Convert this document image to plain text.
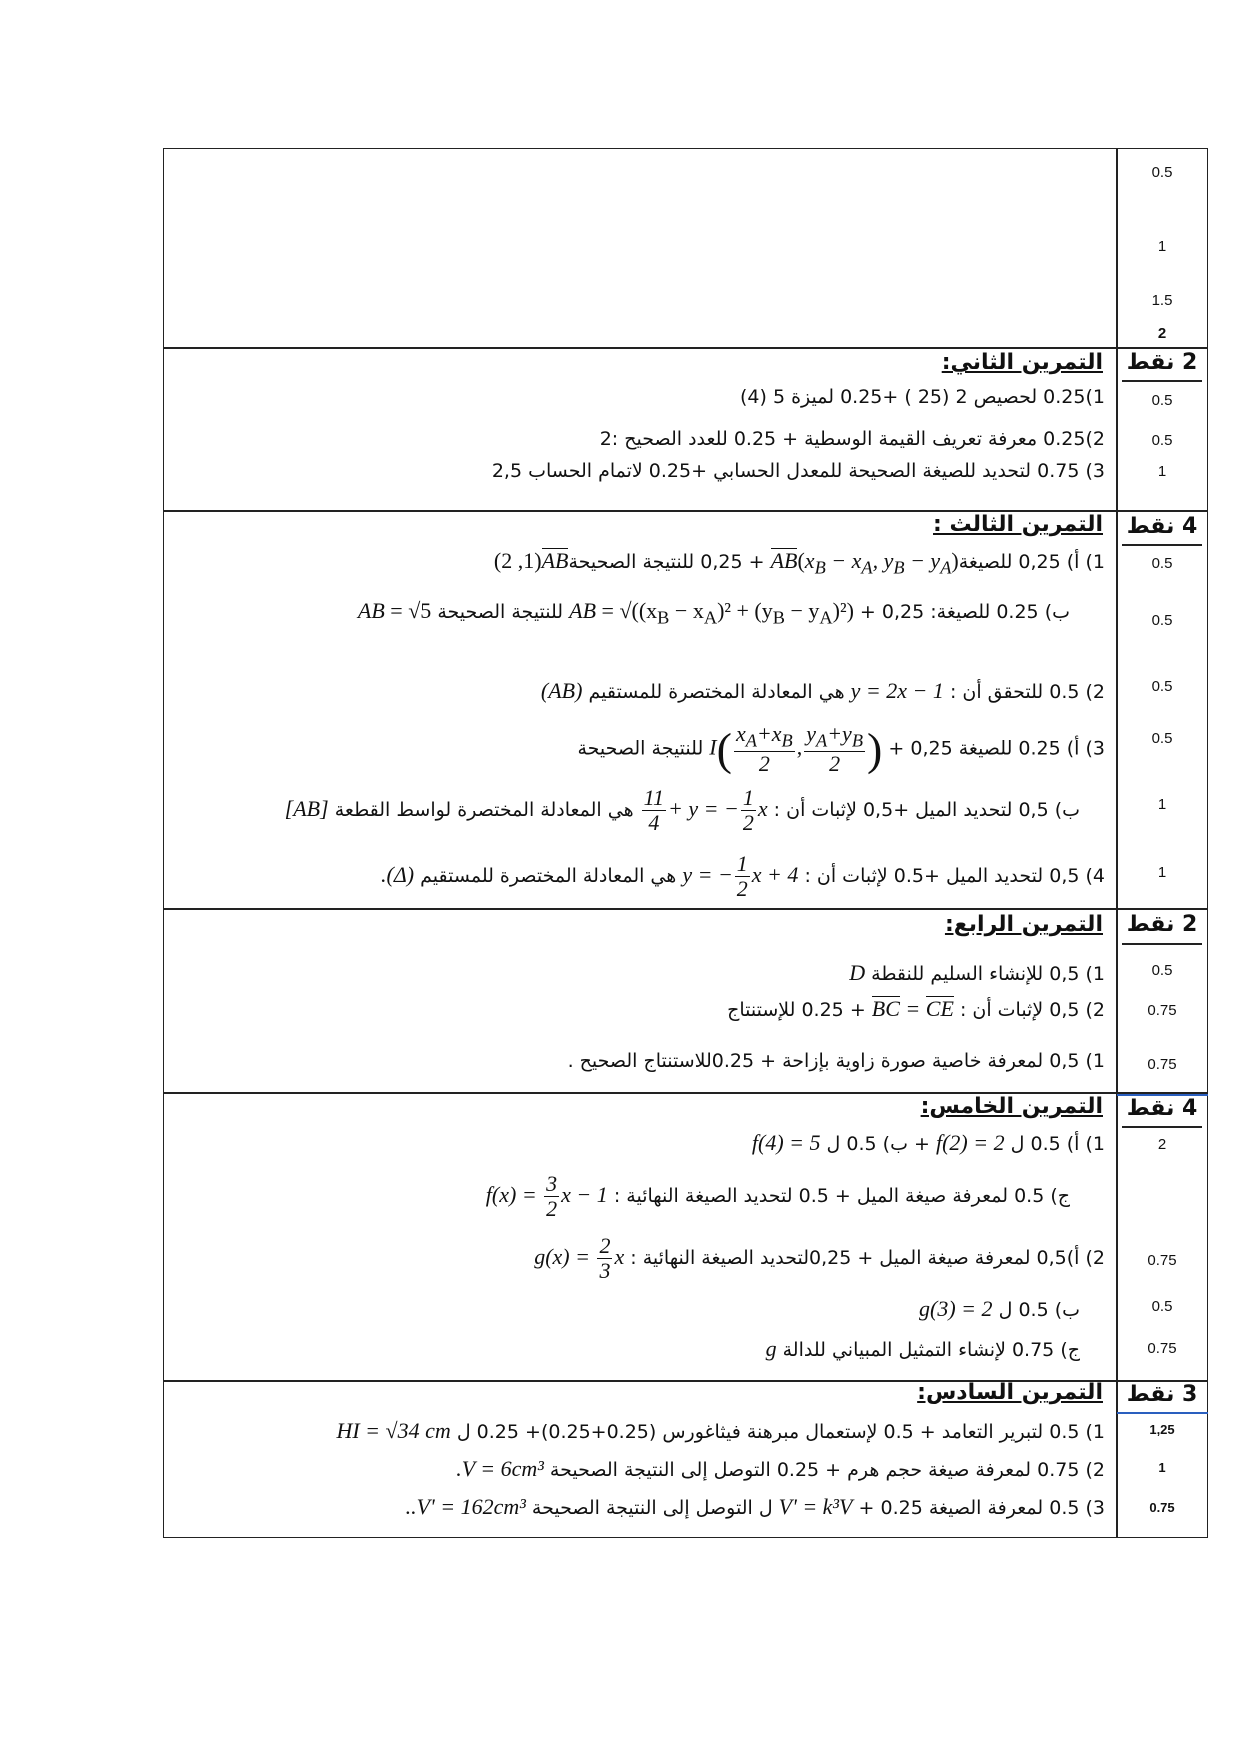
0.5
1
1.5
2
2 نقط
التمرين الثاني:
1)0.25 لحصيص 2 (25 ) +0.25 لميزة 5 (4)
2)0.25 معرفة تعريف القيمة الوسطية + 0.25 للعدد الصحيح :2
3) 0.75 لتحديد للصيغة الصحيحة للمعدل الحسابي +0.25 لاتمام الحساب 2,5
0.5
0.5
1
4 نقط
التمرين الثالث :
1) أ) 0,25 $للصيغة(x_B - x_A$, $y_B - y_A)AB + 0,25$ للنتيجة الصحيحةAB(1, 2)
ب) 0.25 للصيغة: AB = $√((x_B - x_A)^2 + (y_B - y_A)^2) + 0,25$ للنتيجة الصحيحة AB = √5
2) 0.5 للتحقق أن : y = 2x − 1 هي المعادلة المختصرة للمستقيم (AB)
3) أ) 0.25 للصيغة $I( \frac{x_A+x_B}{2}$ , $\frac{y_A+y_B}{2}$ ) + 0,25 للنتيجة الصحيحة
ب) 0,5 لتحديد الميل +0,5 لإثبات أن : y = − $\frac{1}{2}$
x +
$\frac{11}{4}$
هي المعادلة المختصرة لواسط القطعة [AB]
4) 0,5 لتحديد الميل +0.5 لإثبات أن : y = − $\frac{1}{2}$ x + 4 هي المعادلة المختصرة للمستقيم (Δ).
0.5
0.5
0.5
0.5
1
1
2 نقط
التمرين الرابع:
1) 0,5 للإنشاء السليم للنقطة D
2) 0,5 لإثبات أن : CE = BC + 0.25 للإستنتاج
1) 0,5 لمعرفة خاصية صورة زاوية بإزاحة + 0.25للاستنتاج الصحيح .
0.5
0.75
0.75
4 نقط
التمرين الخامس:
1) أ) 0.5 ل f(2) = 2 + ب) 0.5 ل f(4) = 5
ج) 0.5 لمعرفة صيغة الميل + 0.5 لتحديد الصيغة النهائية : $f(x) = \frac{3}{2}$ x − 1
2) أ)0,5 لمعرفة صيغة الميل + 0,25لتحديد الصيغة النهائية : $g(x) = \frac{2}{3}$ x
ب) 0.5 ل g(3) = 2
ج) 0.75 لإنشاء التمثيل المبياني للدالة g
2
0.75
0.5
0.75
3 نقط
التمرين السادس:
1) 0.5 لتبرير التعامد + 0.5 لإستعمال مبرهنة فيثاغورس (0.25+0.25)+ 0.25 ل HI = √34 cm
2) 0.75 لمعرفة صيغة حجم هرم + 0.25 التوصل إلى النتيجة الصحيحة V = 6cm³.
3) 0.5 لمعرفة الصيغة V' = k³V + 0.25 ل التوصل إلى النتيجة الصحيحة V' = 162cm³..
1,25
1
0.75
